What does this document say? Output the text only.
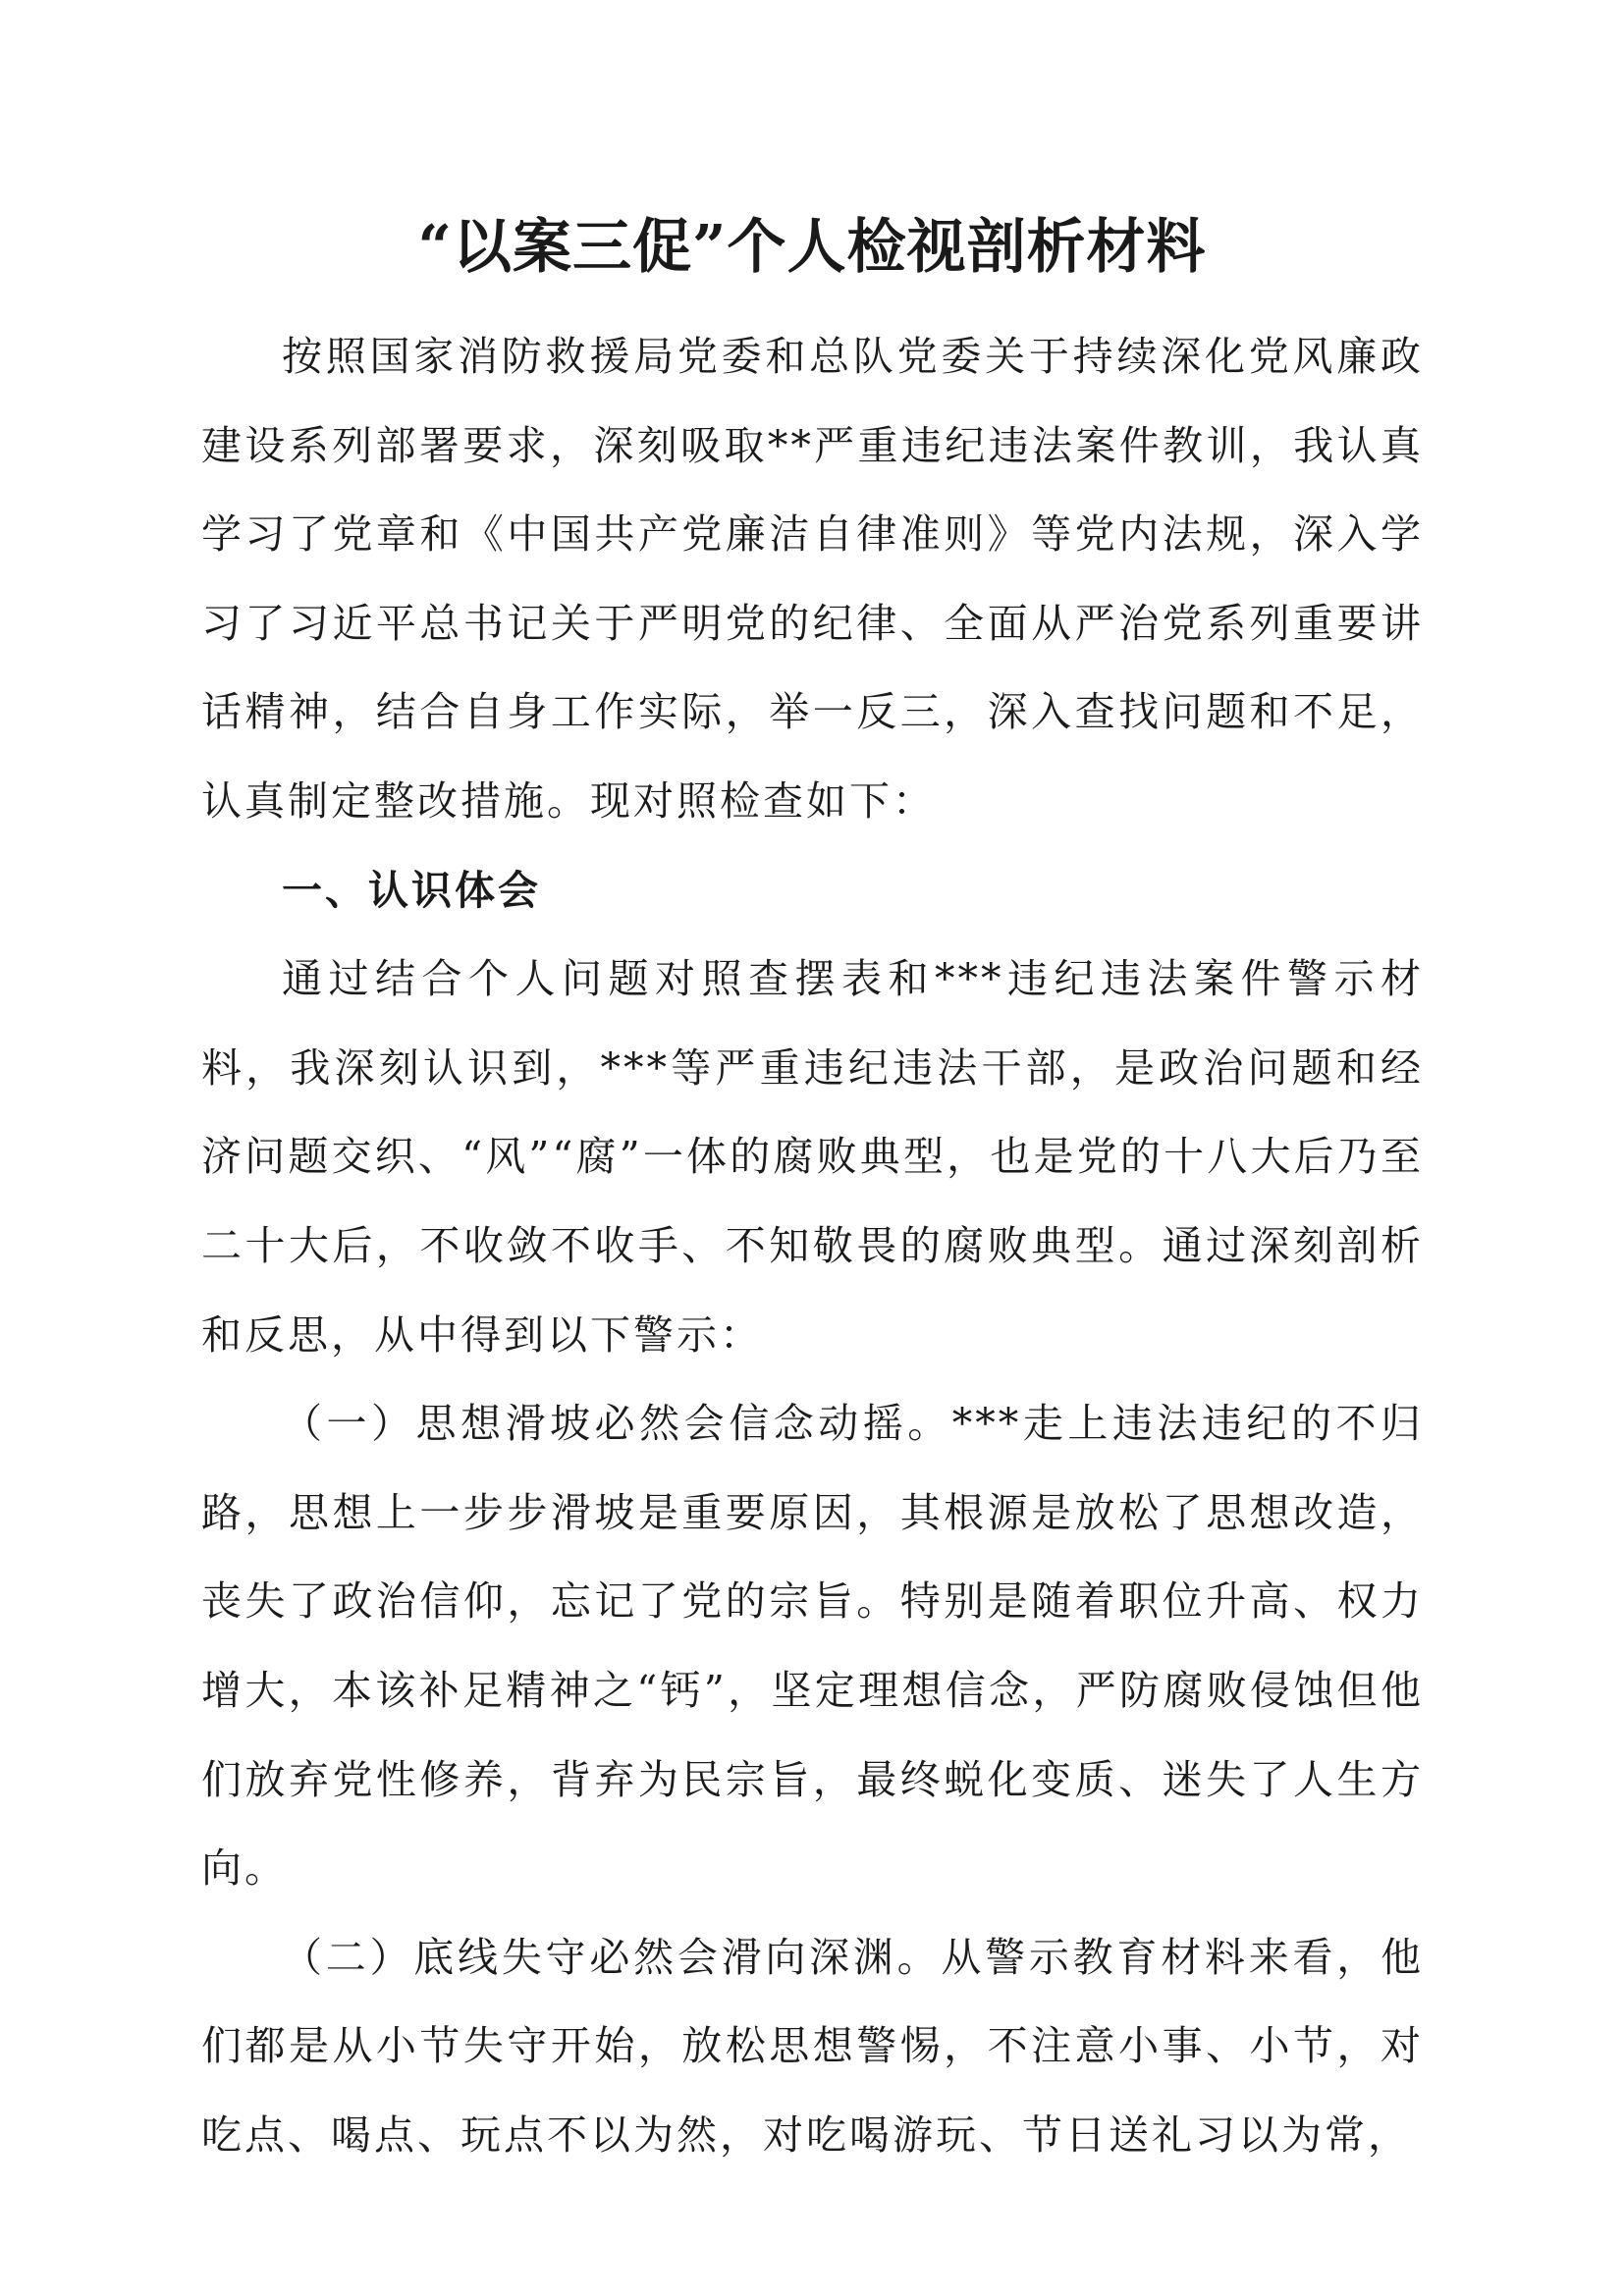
“以案三促”个人检视剖析材料

按照国家消防救援局党委和总队党委关于持续深化党风廉政建设系列部署要求，深刻吸取**严重违纪违法案件教训，我认真学习了党章和《中国共产党廉洁自律准则》等党内法规，深入学习了习近平总书记关于严明党的纪律、全面从严治党系列重要讲话精神，结合自身工作实际，举一反三，深入查找问题和不足，认真制定整改措施。现对照检查如下：

一、认识体会

通过结合个人问题对照查摆表和***违纪违法案件警示材料，我深刻认识到，***等严重违纪违法干部，是政治问题和经济问题交织、“风”“腐”一体的腐败典型，也是党的十八大后乃至二十大后，不收敛不收手、不知敬畏的腐败典型。通过深刻剖析和反思，从中得到以下警示：

（一）思想滑坡必然会信念动摇。***走上违法违纪的不归路，思想上一步步滑坡是重要原因，其根源是放松了思想改造，丧失了政治信仰，忘记了党的宗旨。特别是随着职位升高、权力增大，本该补足精神之“钙”，坚定理想信念，严防腐败侵蚀但他们放弃党性修养，背弃为民宗旨，最终蜕化变质、迷失了人生方向。

（二）底线失守必然会滑向深渊。从警示教育材料来看，他们都是从小节失守开始，放松思想警惕，不注意小事、小节，对吃点、喝点、玩点不以为然，对吃喝游玩、节日送礼习以为常，
